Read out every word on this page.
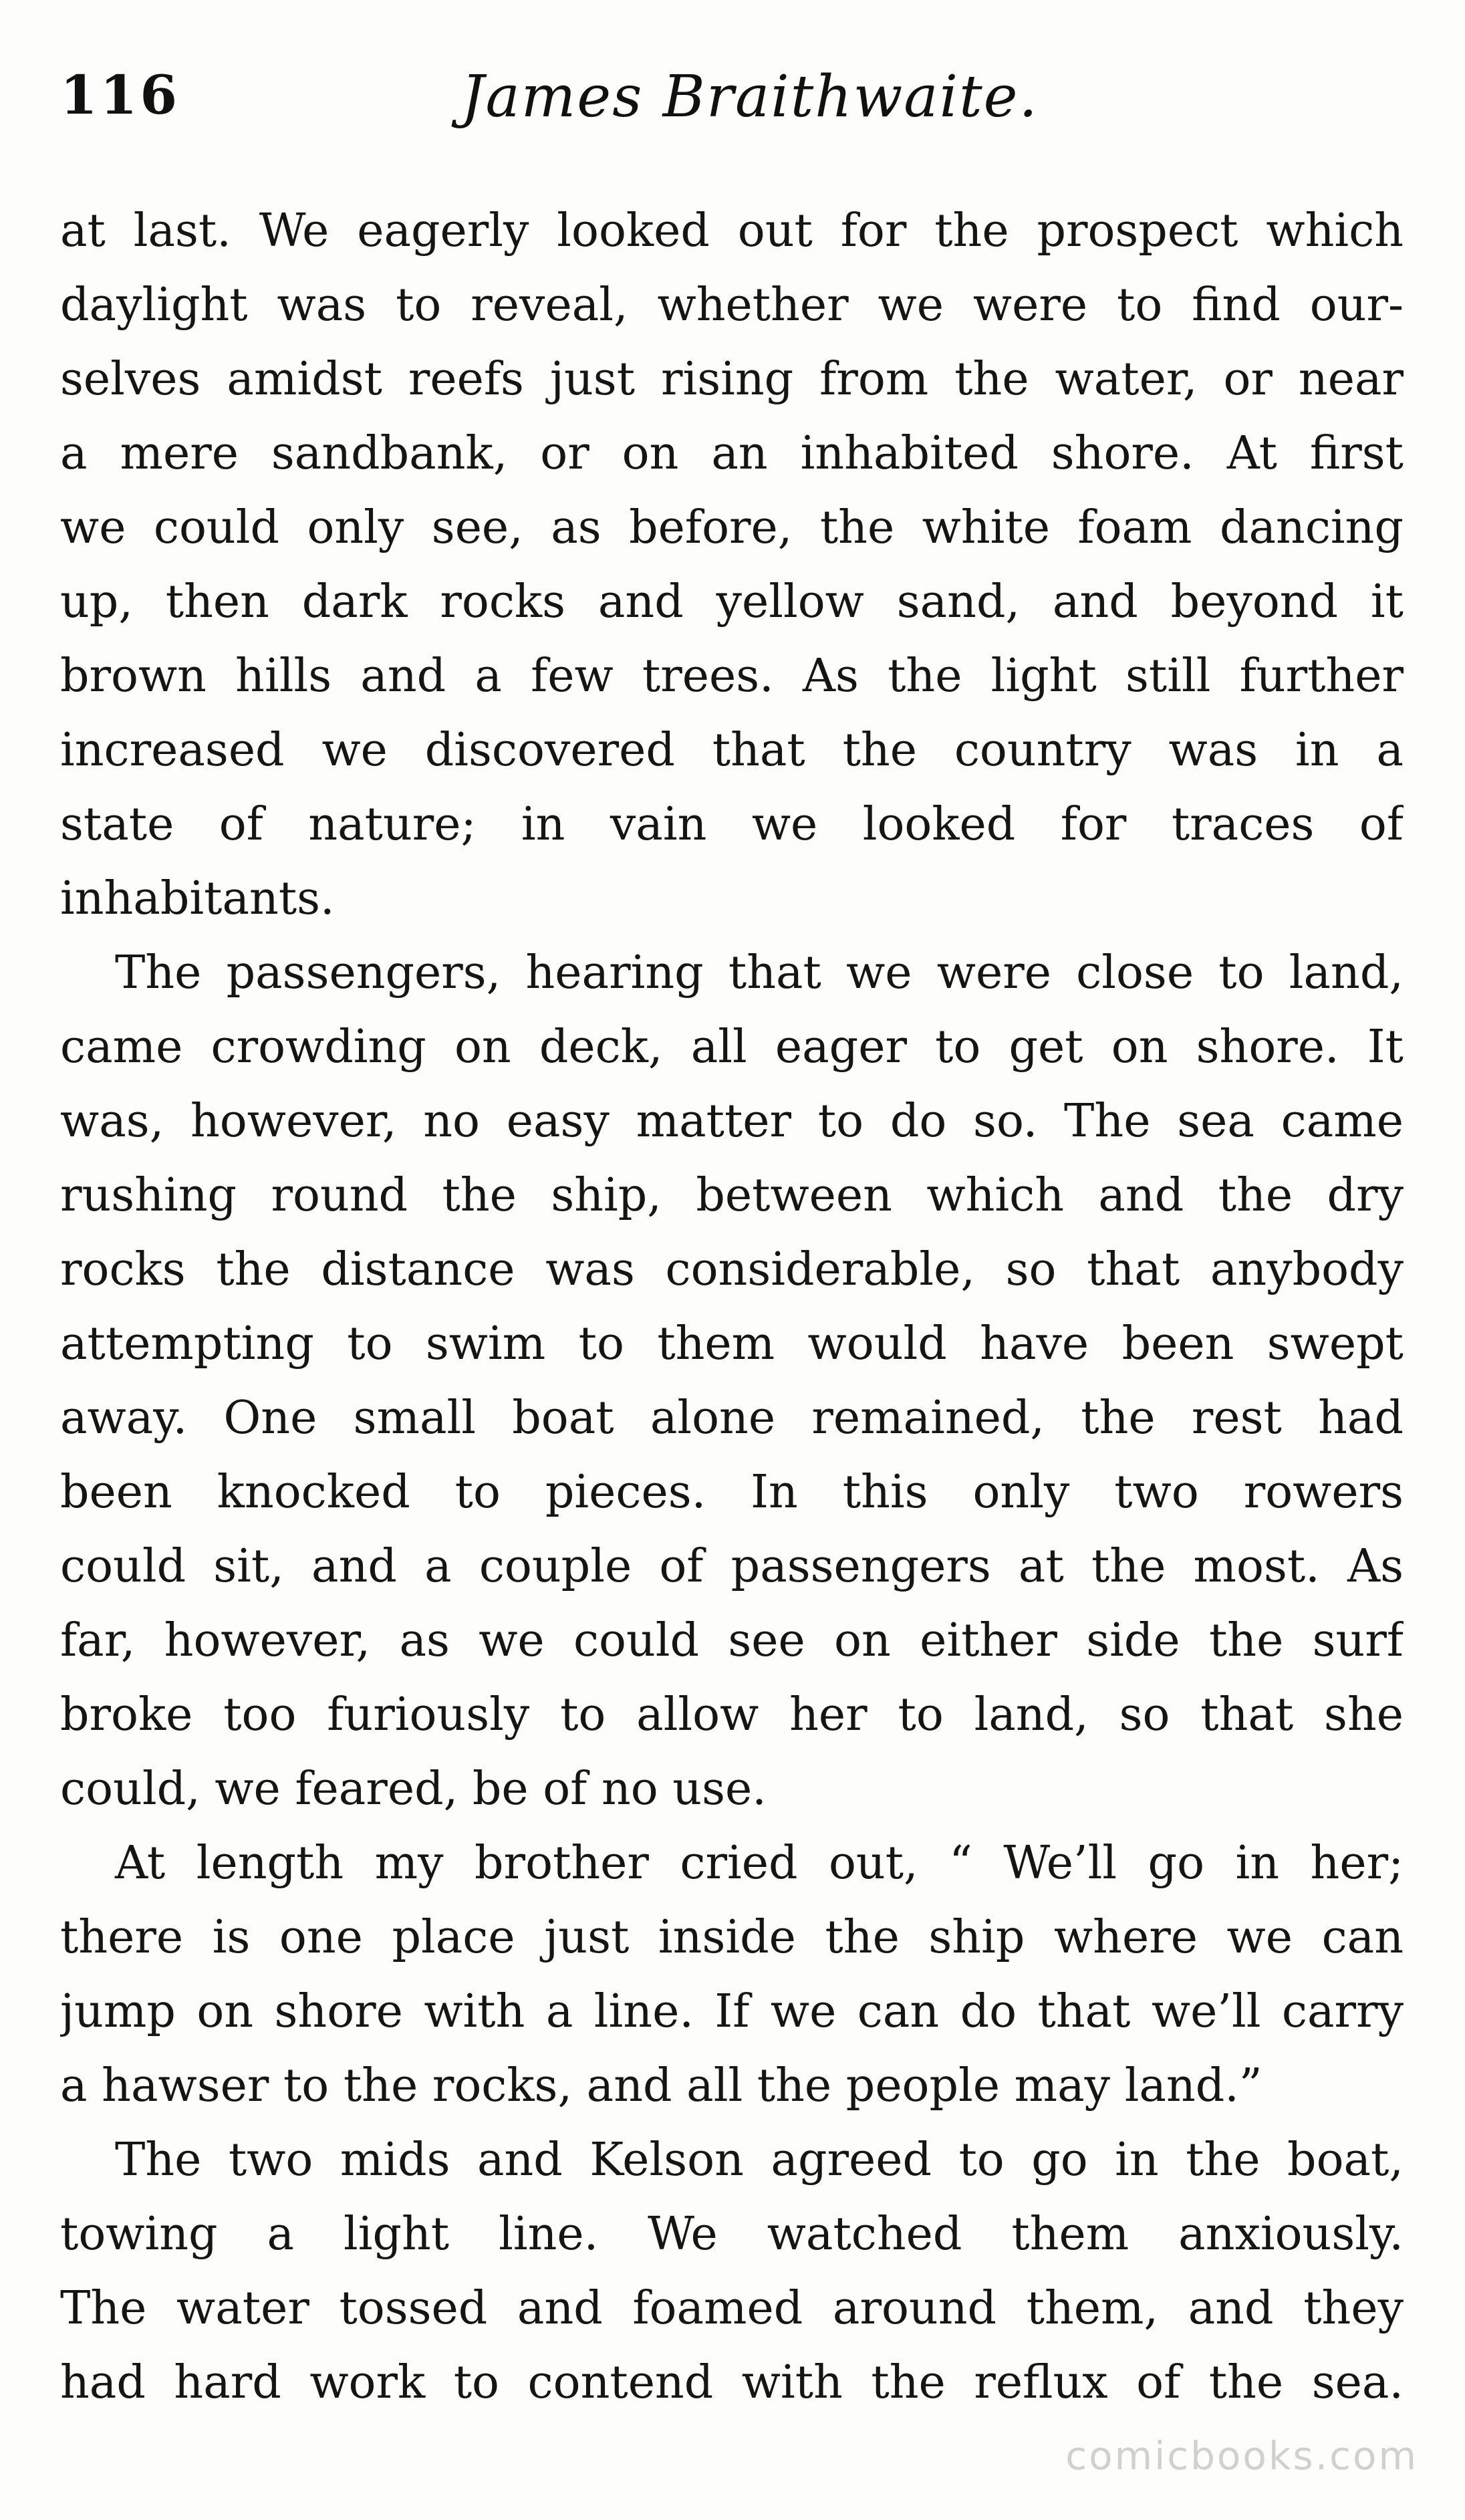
116	James Braithwaite.
at last. We eagerly looked out for the prospect which
daylight was to reveal, whether we were to find our-
selves amidst reefs just rising from the water, or near
a mere sandbank, or on an inhabited shore. At first
we could only see, as before, the white foam dancing
up, then dark rocks and yellow sand, and beyond it
brown hills and a few trees. As the light still further
increased we discovered that the country was in a
state of nature; in vain we looked for traces of
inhabitants.
The passengers, hearing that we were close to land,
came crowding on deck, all eager to get on shore. It
was, however, no easy matter to do so. The sea came
rushing round the ship, between which and the dry
rocks the distance was considerable, so that anybody
attempting to swim to them would have been swept
away. One small boat alone remained, the rest had
been knocked to pieces. In this only two rowers
could sit, and a couple of passengers at the most. As
far, however, as we could see on either side the surf
broke too furiously to allow her to land, so that she
could, we feared, be of no use.
At length my brother cried out, “ We’ll go in her;
there is one place just inside the ship where we can
jump on shore with a line. If we can do that we’ll carry
a hawser to the rocks, and all the people may land.”
The two mids and Kelson agreed to go in the boat,
towing a light line. We watched them anxiously.
The water tossed and foamed around them, and they
had hard work to contend with the reflux of the sea.
comicbooks.com
